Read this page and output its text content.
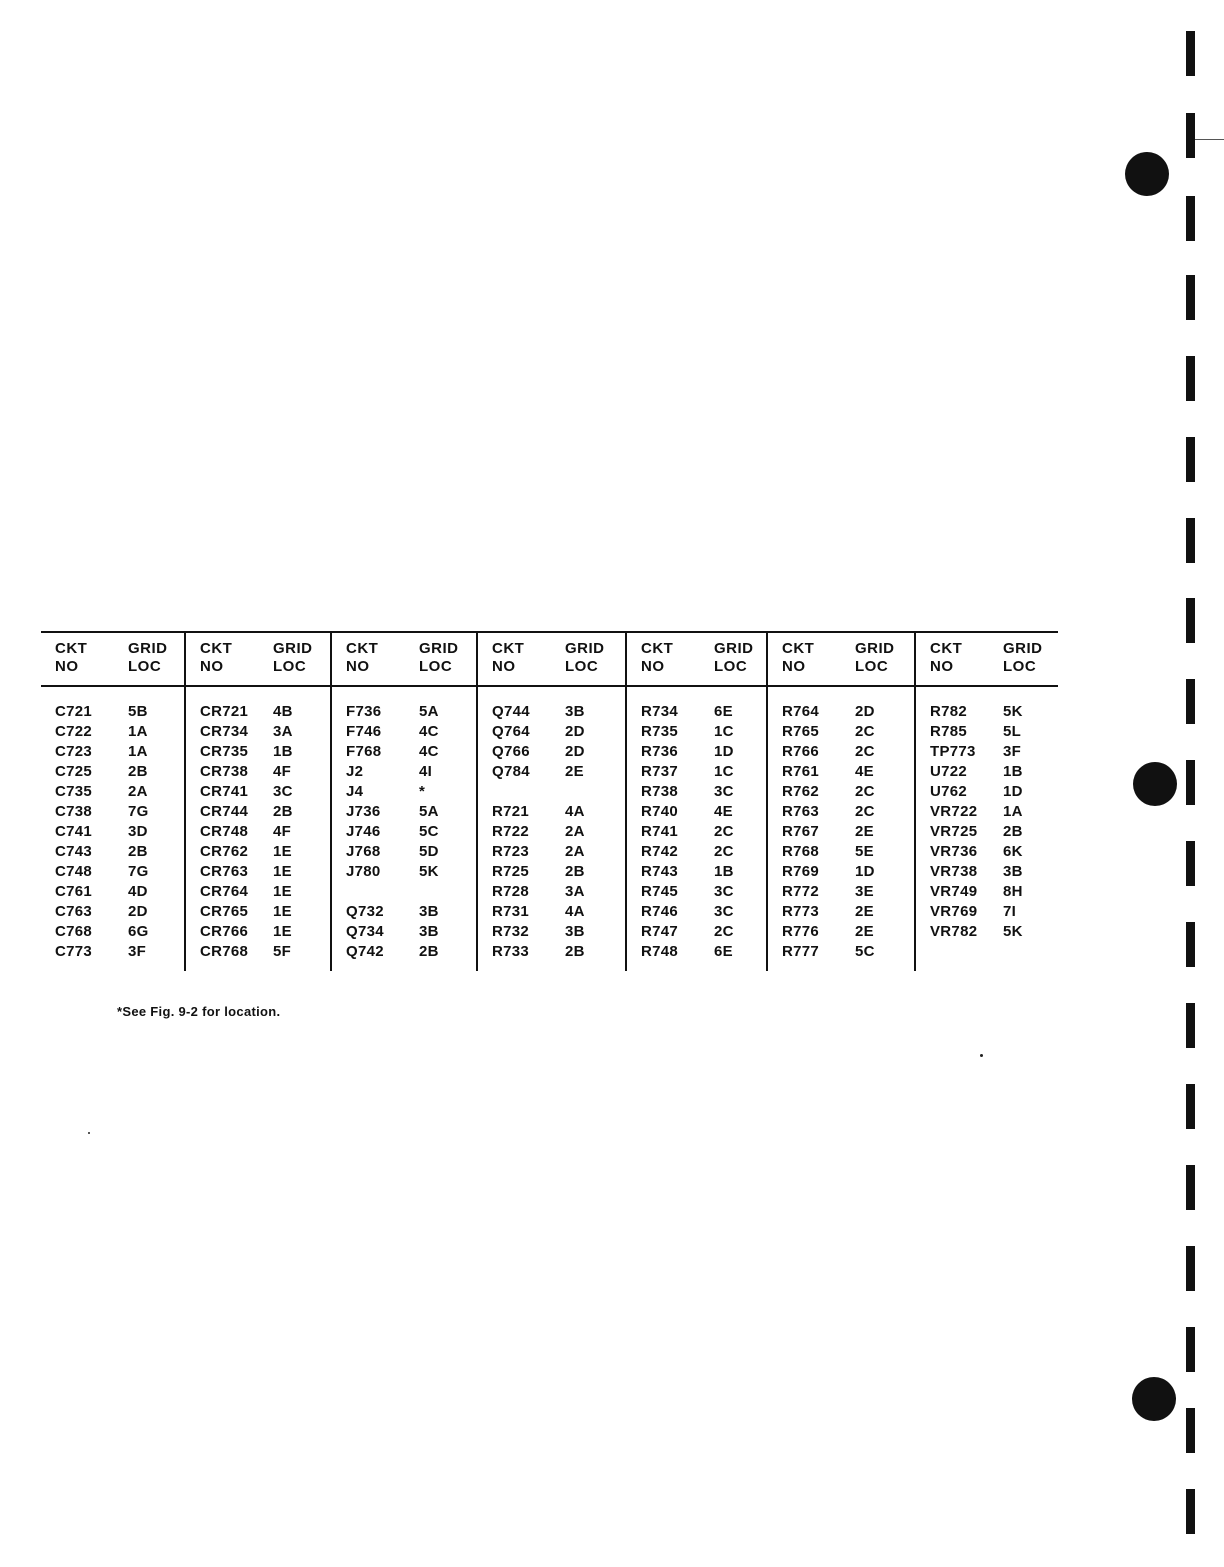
CKT
NO
GRID
LOC
C721 5B
C722 1A
C723 1A
C725 2B
C735 2A
C738 7G
C741 3D
C743 2B
C748 7G
C761 4D
C763 2D
C768 6G
C773 3F
CKT
NO
GRID
LOC
CR721 4B
CR734 3A
CR735 1B
CR738 4F
CR741 3C
CR744 2B
CR748 4F
CR762 1E
CR763 1E
CR764 1E
CR765 1E
CR766 1E
CR768 5F
CKT
NO
GRID
LOC
F736	5A
F746	4C
F768	4C
J2	4I
J4	*
J736	5A
J746	5C
J768	5D
J780	5K
Q732 3B
Q734 3B
Q742 2B
CKT
NO
GRID
LOC
Q744 3B
Q764 2D
Q766 2D
Q784 2E
R721 4A
R722 2A
R723 2A
R725 2B
R728 3A
R731 4A
R732 3B
R733 2B
CKT
NO
GRID
LOC
R734 6E
R735 1C
R736 1D
R737 1C
R738 3C
R740 4E
R741 2C
R742 2C
R743 1B
R745 3C
R746 3C
R747 2C
R748 6E
CKT
NO
GRID
LOC
R764 2D
R765 2C
R766 2C
R761 4E
R762 2C
R763 2C
R767 2E
R768 5E
R769 1D
R772 3E
R773 2E
R776 2E
R777 5C
CKT
NO
GRID
LOC
R782 5K
R785 5L
TP773 3F
U722 1B
U762 1D
VR722 1A
VR725 2B
VR736 6K
VR738 3B
VR749 8H
VR769 7I
VR782 5K
*See Fig. 9-2 for location.
